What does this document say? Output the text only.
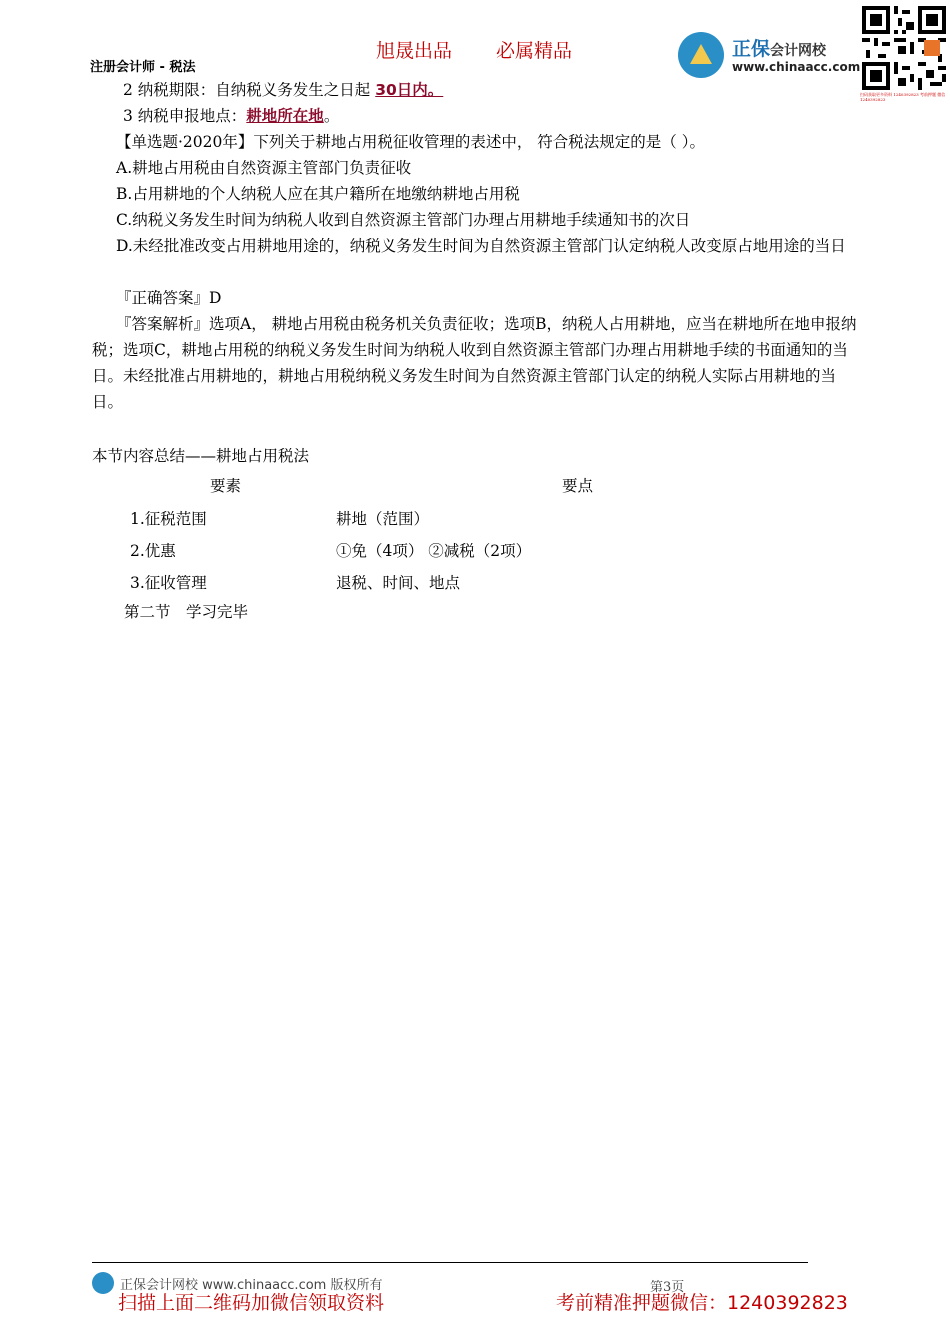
旭晟出品 必属精品
注册会计师 - 税法
正保会计网校
www.chinaacc.com
扫码获取更多资料 1240392823 考前押题 微信 1240392823
2 纳税期限：自纳税义务发生之日起 30日内。
3 纳税申报地点：耕地所在地。
【单选题·2020年】下列关于耕地占用税征收管理的表述中， 符合税法规定的是（ ）。
A.耕地占用税由自然资源主管部门负责征收
B.占用耕地的个人纳税人应在其户籍所在地缴纳耕地占用税
C.纳税义务发生时间为纳税人收到自然资源主管部门办理占用耕地手续通知书的次日
D.未经批准改变占用耕地用途的，纳税义务发生时间为自然资源主管部门认定纳税人改变原占地用途的当日
『正确答案』D
『答案解析』选项A， 耕地占用税由税务机关负责征收；选项B，纳税人占用耕地，应当在耕地所在地申报纳税；选项C，耕地占用税的纳税义务发生时间为纳税人收到自然资源主管部门办理占用耕地手续的书面通知的当日。未经批准占用耕地的，耕地占用税纳税义务发生时间为自然资源主管部门认定的纳税人实际占用耕地的当日。
本节内容总结——耕地占用税法
要素	要点
1.征税范围	耕地（范围）
2.优惠	①免（4项） ②减税（2项）
3.征收管理	退税、时间、地点
第二节　学习完毕
正保会计网校 www.chinaacc.com 版权所有	第3页
扫描上面二维码加微信领取资料	考前精准押题微信：1240392823
